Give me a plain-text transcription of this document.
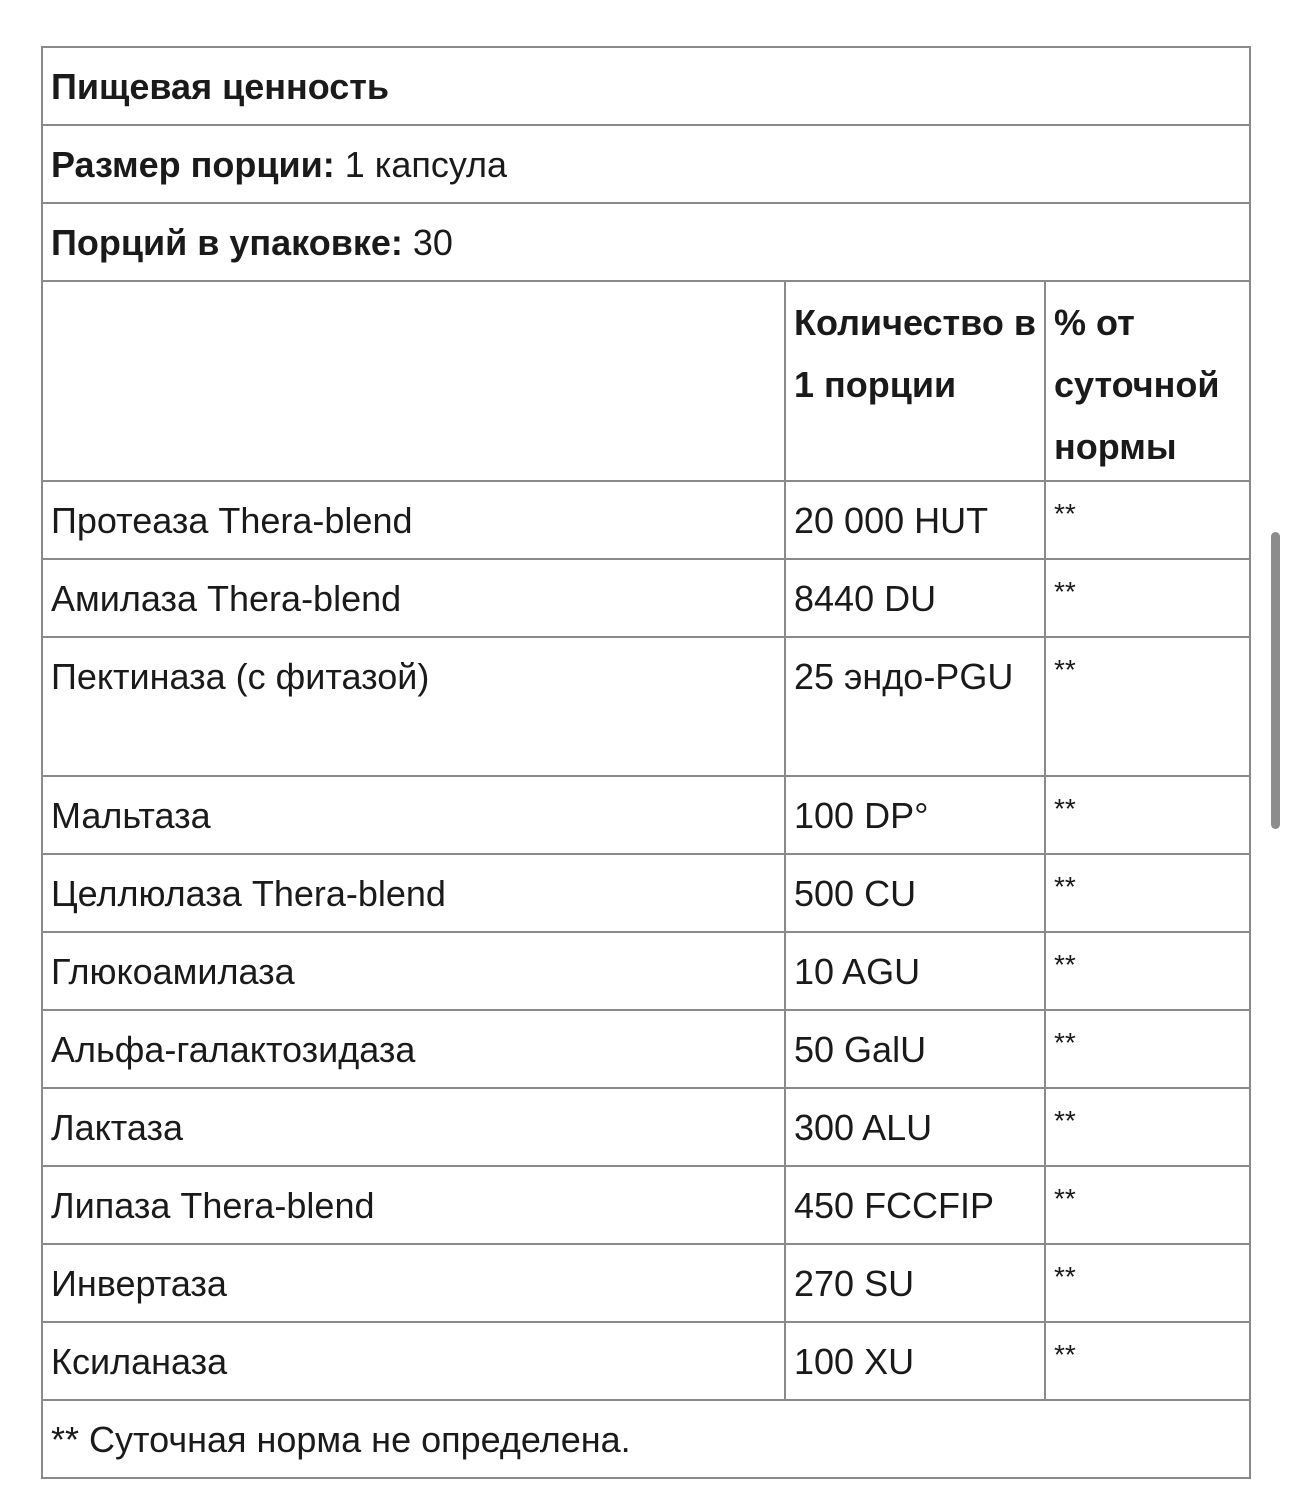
Пищевая ценность		
Размер порции: 1 капсула		
Порций в упаковке: 30		
	Количество в 1 порции	% от суточной нормы
Протеаза Thera-blend	20 000 HUT	**

Амилаза Thera-blend	8440 DU	**

Пектиназа (с фитазой)	25 эндо-PGU	**

Мальтаза	100 DP°	**

Целлюлаза Thera-blend	500 CU	**

Глюкоамилаза	10 AGU	**

Альфа-галактозидаза	50 GalU	**

Лактаза	300 ALU	**

Липаза Thera-blend	450 FCCFIP	**

Инвертаза	270 SU	**

Ксиланаза	100 XU	**

** Суточная норма не определена.		
